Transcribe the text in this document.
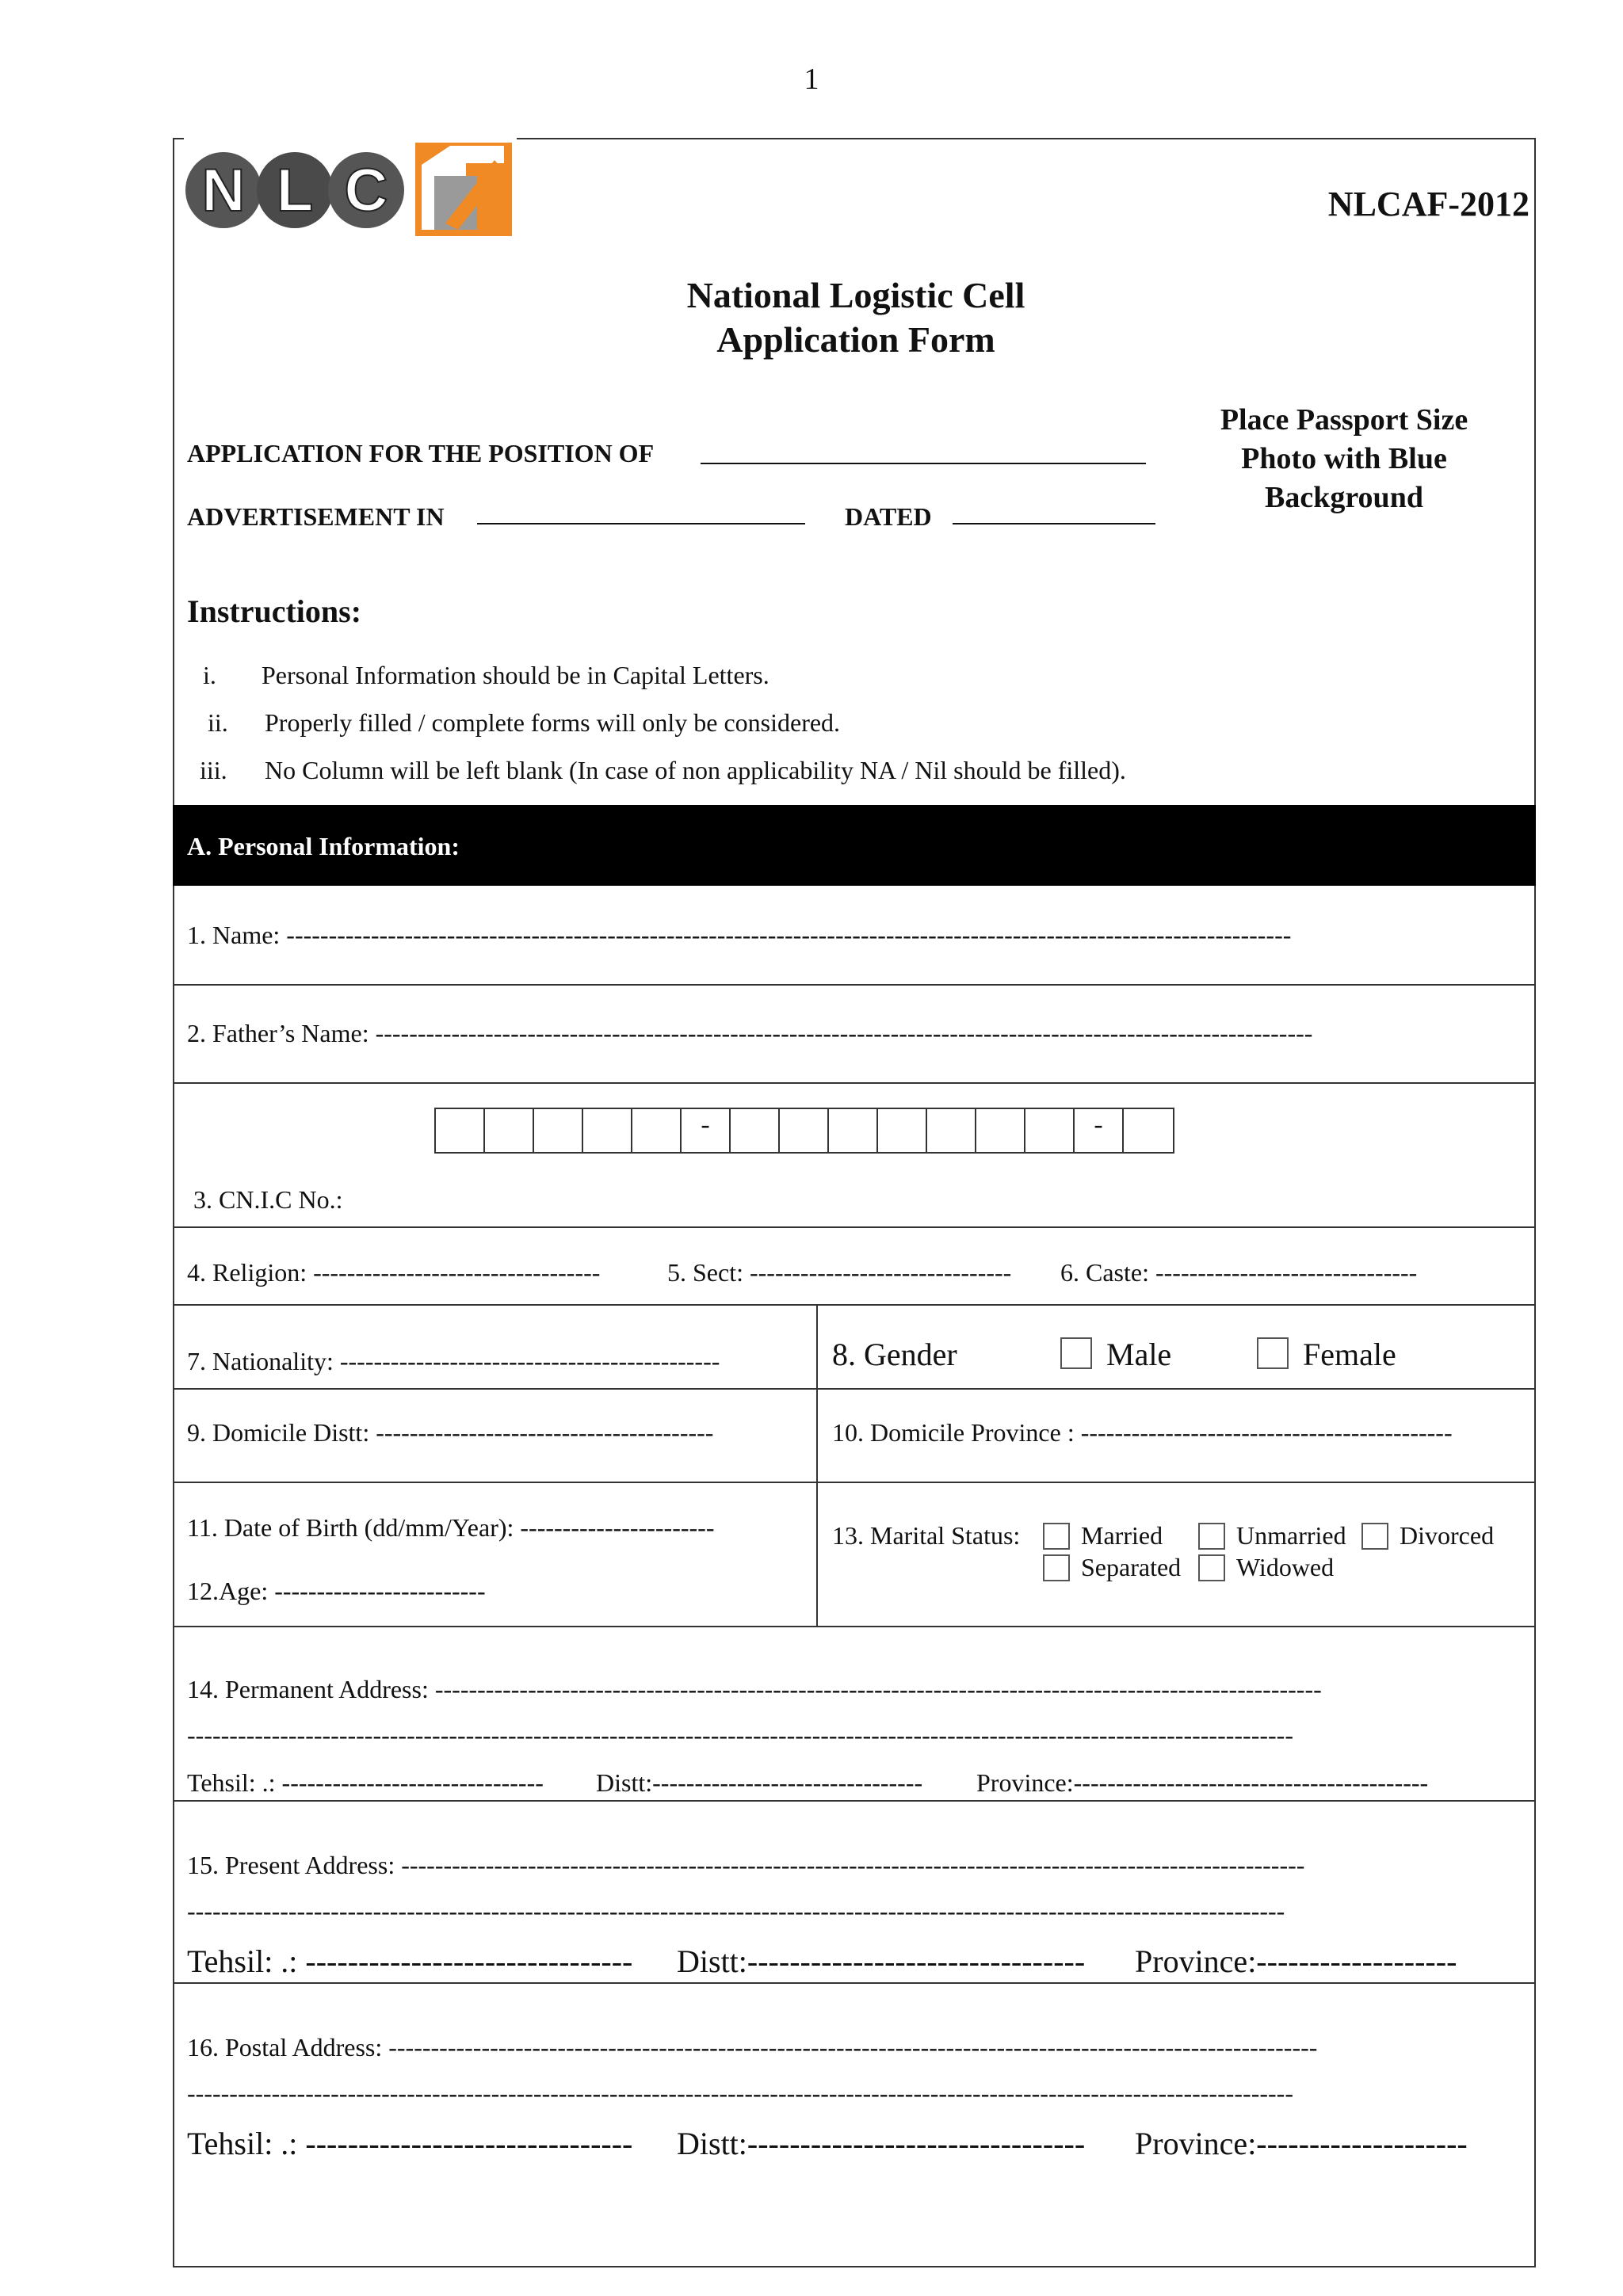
1
N L C	NLCAF-2012
National Logistic Cell
Application Form
Place Passport Size
Photo with Blue
Background
APPLICATION FOR THE POSITION OF
ADVERTISEMENT IN	DATED
Instructions:
i. Personal Information should be in Capital Letters.
ii. Properly filled / complete forms will only be considered.
iii. No Column will be left blank (In case of non applicability NA / Nil should be filled).
A. Personal Information:
1. Name: -----------------------------------------------------------------------------------------------------------------------
2. Father’s Name: ---------------------------------------------------------------------------------------------------------------
-	-
3. CN.I.C No.:
4. Religion: ----------------------------------	5. Sect: ------------------------------- 6. Caste: -------------------------------
7. Nationality: ---------------------------------------------	8. Gender	Male	Female
9. Domicile Distt: ----------------------------------------	10. Domicile Province : --------------------------------------------
11. Date of Birth (dd/mm/Year): -----------------------
12.Age: -------------------------
13. Marital Status: Married	Unmarried Divorced
Separated Widowed
14. Permanent Address: ---------------------------------------------------------------------------------------------------------
-----------------------------------------------------------------------------------------------------------------------------------
Tehsil: .: ------------------------------- Distt:-------------------------------- Province:------------------------------------------
15. Present Address: -----------------------------------------------------------------------------------------------------------
----------------------------------------------------------------------------------------------------------------------------------
Tehsil: .: ------------------------------- Distt:-------------------------------- Province:-------------------
16. Postal Address: --------------------------------------------------------------------------------------------------------------
-----------------------------------------------------------------------------------------------------------------------------------
Tehsil: .: ------------------------------- Distt:-------------------------------- Province:--------------------
